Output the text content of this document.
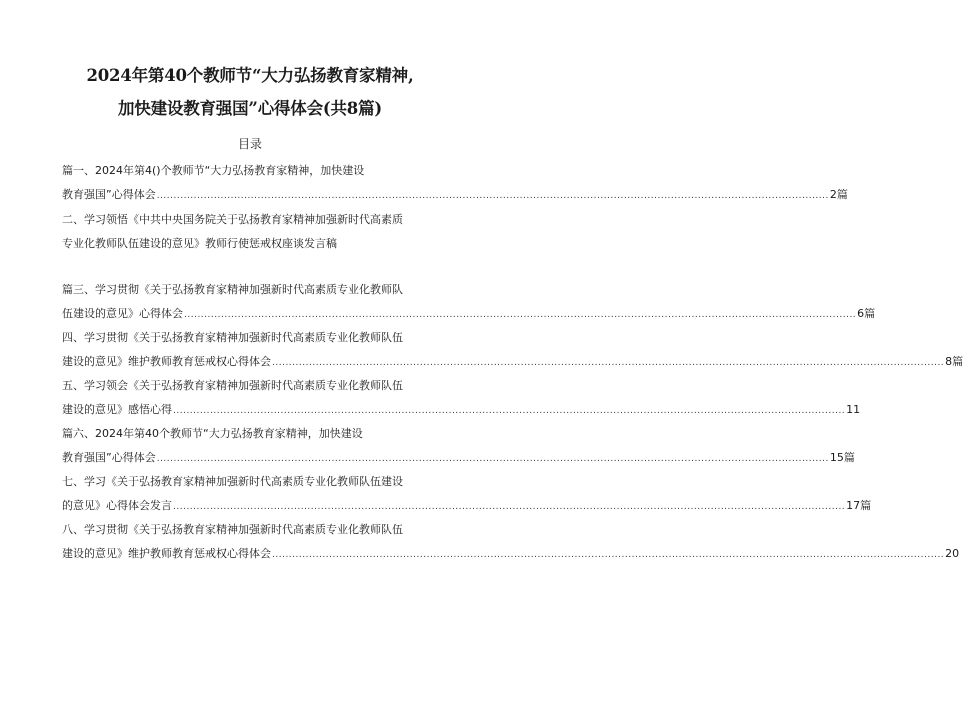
2024年第40个教师节“大力弘扬教育家精神,
加快建设教育强国”心得体会(共8篇)
目录
篇一、2024年第4()个教师节“大力弘扬教育家精神，加快建设
教育强国”心得体会 ........................................................................................................................................................................................................ 2篇
二、学习领悟《中共中央国务院关于弘扬教育家精神加强新时代高素质
专业化教师队伍建设的意见》教师行使惩戒权座谈发言稿
篇三、学习贯彻《关于弘扬教育家精神加强新时代高素质专业化教师队
伍建设的意见》心得体会 ........................................................................................................................................................................................................ 6篇
四、学习贯彻《关于弘扬教育家精神加强新时代高素质专业化教师队伍
建设的意见》维护教师教育惩戒权心得体会 ........................................................................................................................................................................................................ 8篇
五、学习领会《关于弘扬教育家精神加强新时代高素质专业化教师队伍
建设的意见》感悟心得 ........................................................................................................................................................................................................ 11
篇六、2024年第40个教师节“大力弘扬教育家精神，加快建设
教育强国”心得体会 ........................................................................................................................................................................................................ 15篇
七、学习《关于弘扬教育家精神加强新时代高素质专业化教师队伍建设
的意见》心得体会发言 ........................................................................................................................................................................................................ 17篇
八、学习贯彻《关于弘扬教育家精神加强新时代高素质专业化教师队伍
建设的意见》维护教师教育惩戒权心得体会 ........................................................................................................................................................................................................ 20
